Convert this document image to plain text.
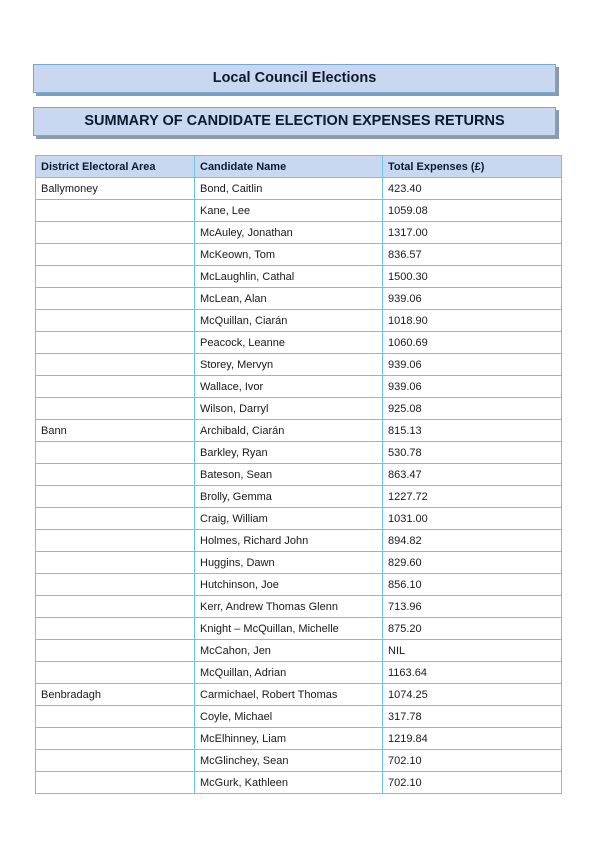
Local Council Elections
SUMMARY OF CANDIDATE ELECTION EXPENSES RETURNS
District Electoral Area	Candidate Name	Total Expenses (£)
Ballymoney	Bond, Caitlin	423.40
	Kane, Lee	1059.08
	McAuley, Jonathan	1317.00
	McKeown, Tom	836.57
	McLaughlin, Cathal	1500.30
	McLean, Alan	939.06
	McQuillan, Ciarán	1018.90
	Peacock, Leanne	1060.69
	Storey, Mervyn	939.06
	Wallace, Ivor	939.06
	Wilson, Darryl	925.08
Bann	Archibald, Ciarán	815.13
	Barkley, Ryan	530.78
	Bateson, Sean	863.47
	Brolly, Gemma	1227.72
	Craig, William	1031.00
	Holmes, Richard John	894.82
	Huggins, Dawn	829.60
	Hutchinson, Joe	856.10
	Kerr, Andrew Thomas Glenn	713.96
	Knight – McQuillan, Michelle	875.20
	McCahon, Jen	NIL
	McQuillan, Adrian	1163.64
Benbradagh	Carmichael, Robert Thomas	1074.25
	Coyle, Michael	317.78
	McElhinney, Liam	1219.84
	McGlinchey, Sean	702.10
	McGurk, Kathleen	702.10
